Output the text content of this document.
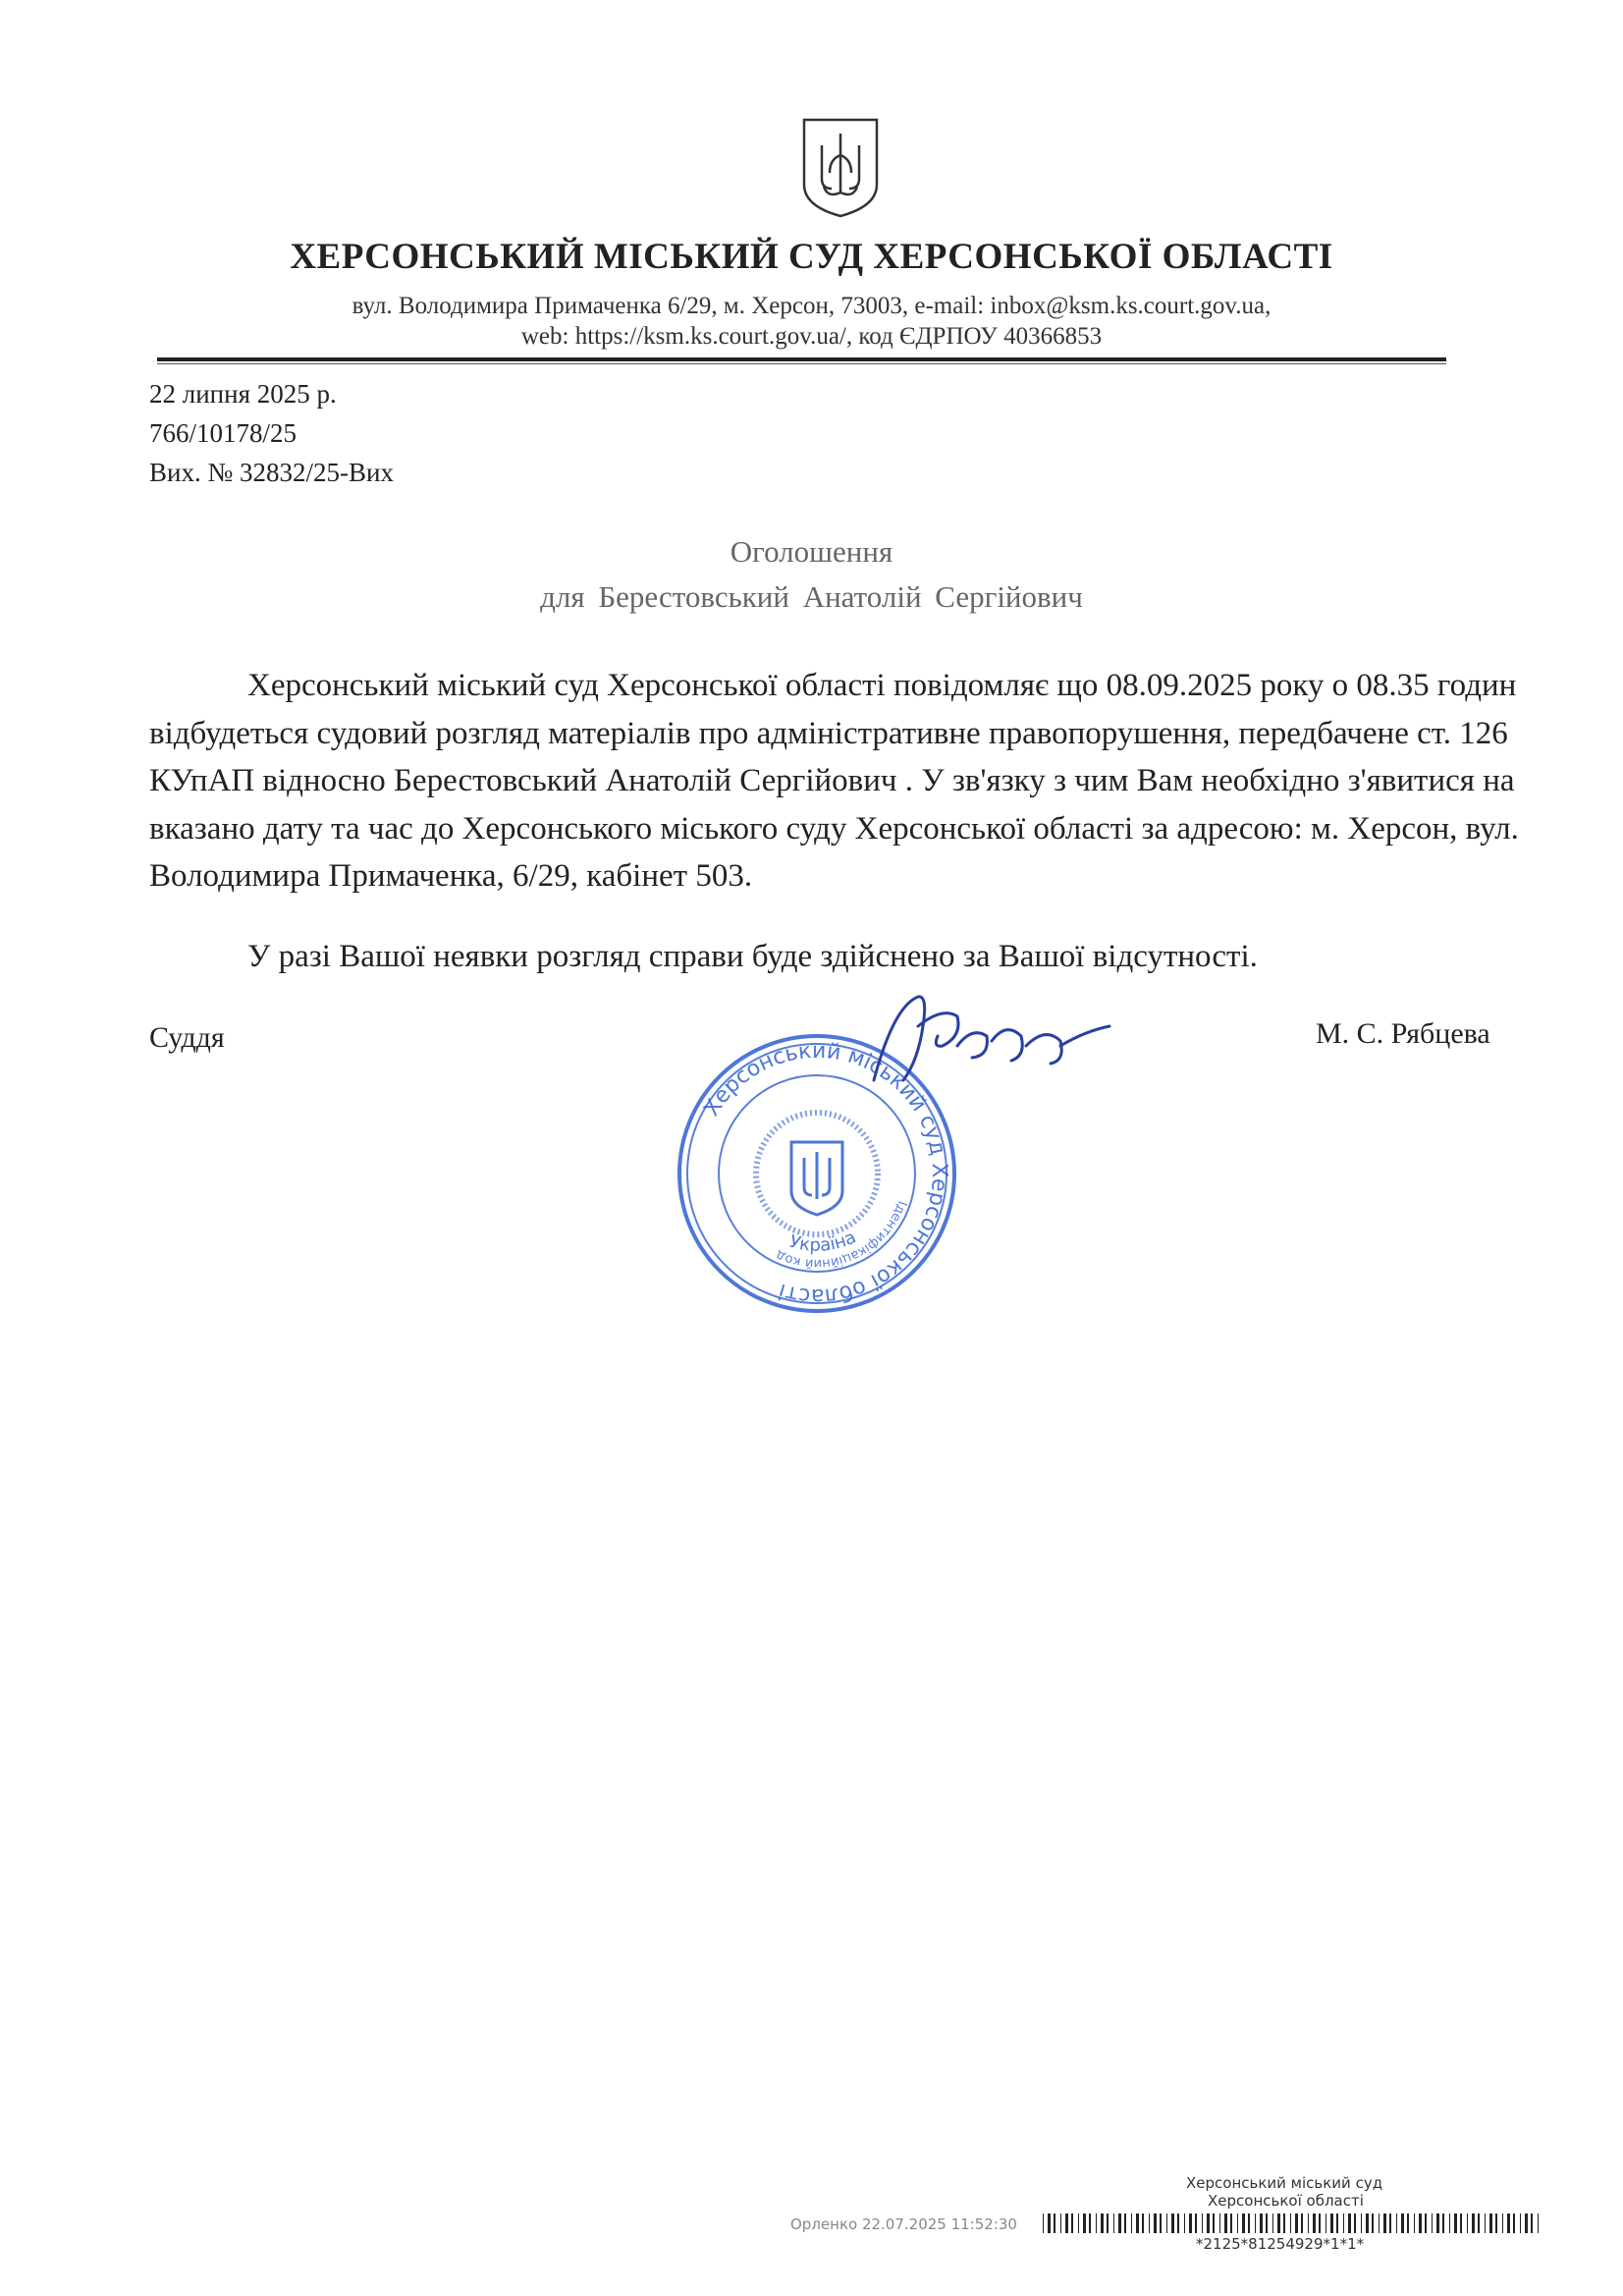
ХЕРСОНСЬКИЙ МІСЬКИЙ СУД ХЕРСОНСЬКОЇ ОБЛАСТІ
вул. Володимира Примаченка 6/29, м. Херсон, 73003, e-mail: inbox@ksm.ks.court.gov.ua,
web: https://ksm.ks.court.gov.ua/, код ЄДРПОУ 40366853
22 липня 2025 р.
766/10178/25
Вих. № 32832/25-Вих
Оголошення
для Берестовський Анатолій Сергійович
Херсонський міський суд Херсонської області повідомляє що 08.09.2025 року о 08.35 годин відбудеться судовий розгляд матеріалів про адміністративне правопорушення, передбачене ст. 126 КУпАП відносно Берестовський Анатолій Сергійович . У зв'язку з чим Вам необхідно з'явитися на вказано дату та час до Херсонського міського суду Херсонської області за адресою: м. Херсон, вул. Володимира Примаченка, 6/29, кабінет 503.
У разі Вашої неявки розгляд справи буде здійснено за Вашої відсутності.
Суддя	М. С. Рябцева
Херсонський міський суд Херсонської області
Ідентифікаційний код
Україна
Херсонський міський суд
Херсонської області
Орленко 22.07.2025 11:52:30
*2125*81254929*1*1*
